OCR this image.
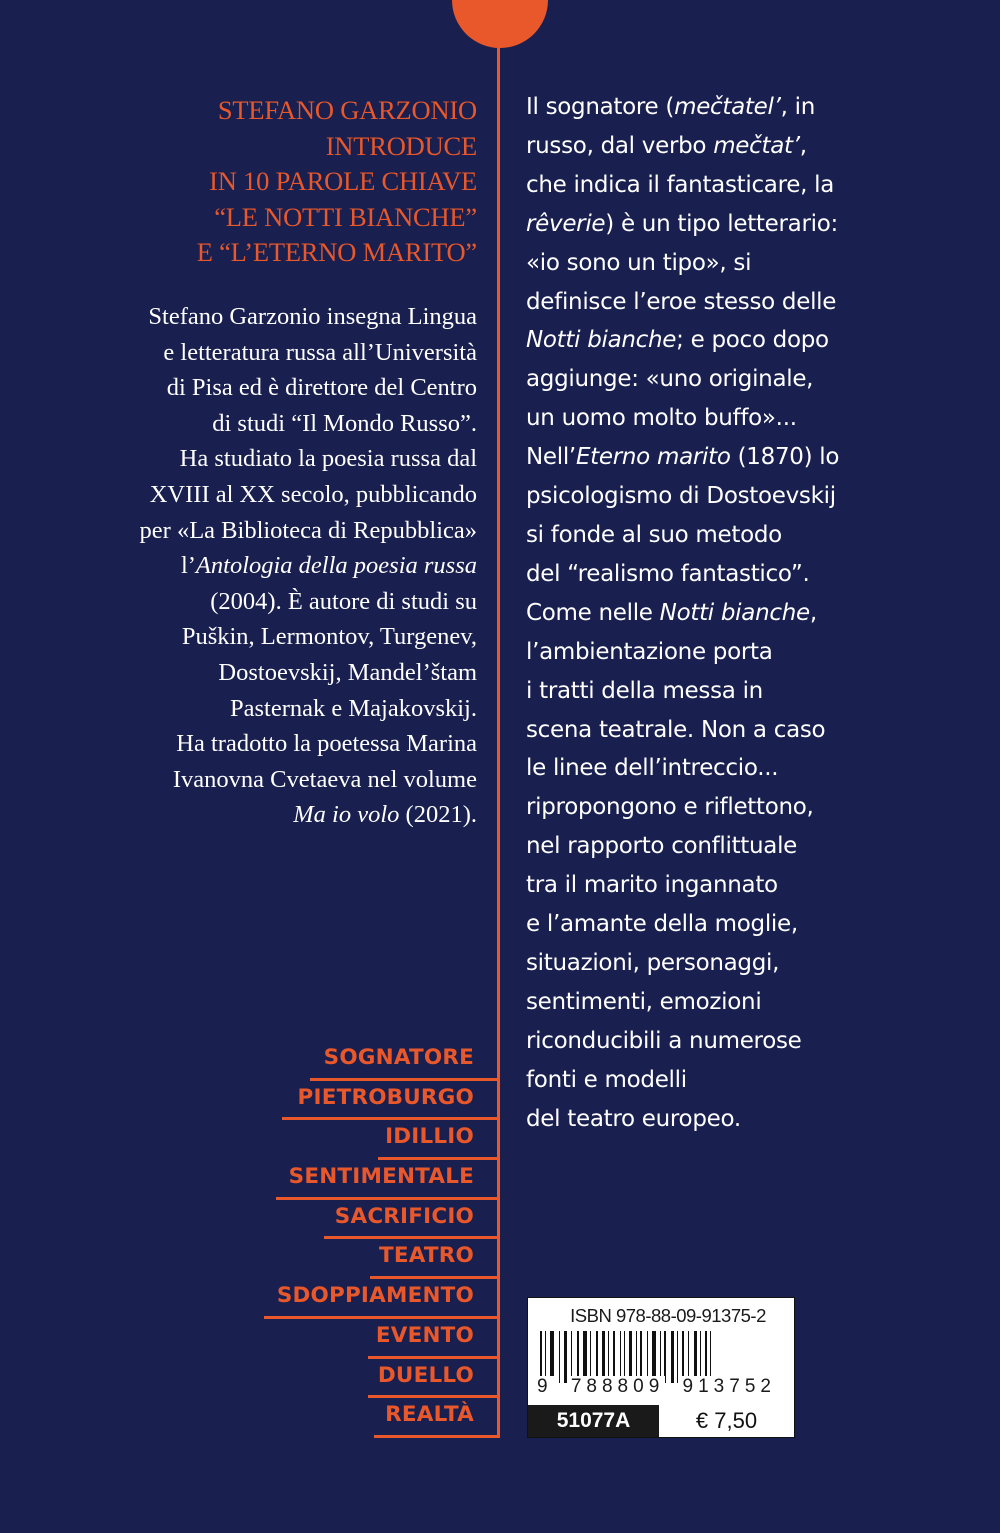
STEFANO GARZONIO
INTRODUCE
IN 10 PAROLE CHIAVE
“LE NOTTI BIANCHE”
E “L’ETERNO MARITO”
Stefano Garzonio insegna Lingua
e letteratura russa all’Università
di Pisa ed è direttore del Centro
di studi “Il Mondo Russo”.
Ha studiato la poesia russa dal
XVIII al XX secolo, pubblicando
per «La Biblioteca di Repubblica»
l’Antologia della poesia russa
(2004). È autore di studi su
Puškin, Lermontov, Turgenev,
Dostoevskij, Mandel’štam
Pasternak e Majakovskij.
Ha tradotto la poetessa Marina
Ivanovna Cvetaeva nel volume
Ma io volo (2021).
Il sognatore (mečtatel’, in
russo, dal verbo mečtat’,
che indica il fantasticare, la
rêverie) è un tipo letterario:
«io sono un tipo», si
definisce l’eroe stesso delle
Notti bianche; e poco dopo
aggiunge: «uno originale,
un uomo molto buffo»...
Nell’Eterno marito (1870) lo
psicologismo di Dostoevskij
si fonde al suo metodo
del “realismo fantastico”.
Come nelle Notti bianche,
l’ambientazione porta
i tratti della messa in
scena teatrale. Non a caso
le linee dell’intreccio...
ripropongono e riflettono,
nel rapporto conflittuale
tra il marito ingannato
e l’amante della moglie,
situazioni, personaggi,
sentimenti, emozioni
riconducibili a numerose
fonti e modelli
del teatro europeo.
SOGNATORE
PIETROBURGO
IDILLIO
SENTIMENTALE
SACRIFICIO
TEATRO
SDOPPIAMENTO
EVENTO
DUELLO
REALTÀ
ISBN 978-88-09-91375-2
9 788809 913752
51077A	€ 7,50
